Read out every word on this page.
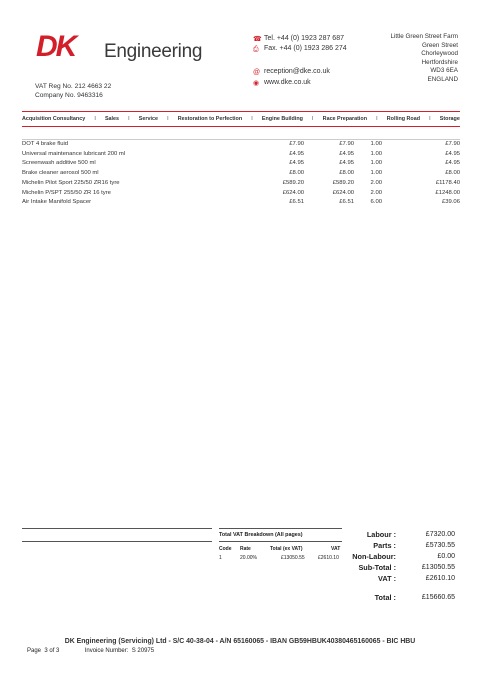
DK Engineering
VAT Reg No. 212 4663 22
Company No. 9463316
☎ Tel. +44 (0) 1923 287 687
⎙ Fax. +44 (0) 1923 286 274
@ reception@dke.co.uk
◉ www.dke.co.uk
Little Green Street Farm
Green Street
Chorleywood
Hertfordshire
WD3 6EA
ENGLAND
Acquisition Consultancy I Sales I Service I Restoration to Perfection I Engine Building I Race Preparation I Rolling Road I Storage
DOT 4 brake fluid	£7.90	£7.90	1.00	£7.90
Universal maintenance lubricant 200 ml	£4.95	£4.95	1.00	£4.95
Screenwash additive 500 ml	£4.95	£4.95	1.00	£4.95
Brake cleaner aerosol 500 ml	£8.00	£8.00	1.00	£8.00
Michelin Pilot Sport 225/50 ZR16 tyre	£589.20	£589.20	2.00	£1178.40
Michelin P/SPT 255/50 ZR 16 tyre	£624.00	£624.00	2.00	£1248.00
Air Intake Manifold Spacer	£6.51	£6.51	6.00	£39.06
Total VAT Breakdown (All pages)
Code Rate	Total (ex VAT)	VAT
1	20.00%	£13050.55	£2610.10
Labour :	£7320.00
Parts :	£5730.55
Non-Labour:	£0.00
Sub-Total :	£13050.55
VAT :	£2610.10
Total :	£15660.65
DK Engineering (Servicing) Ltd - S/C 40-38-04 - A/N 65160065 - IBAN GB59HBUK40380465160065 - BIC HBU
Page 3 of 3	Invoice Number: S 20975
